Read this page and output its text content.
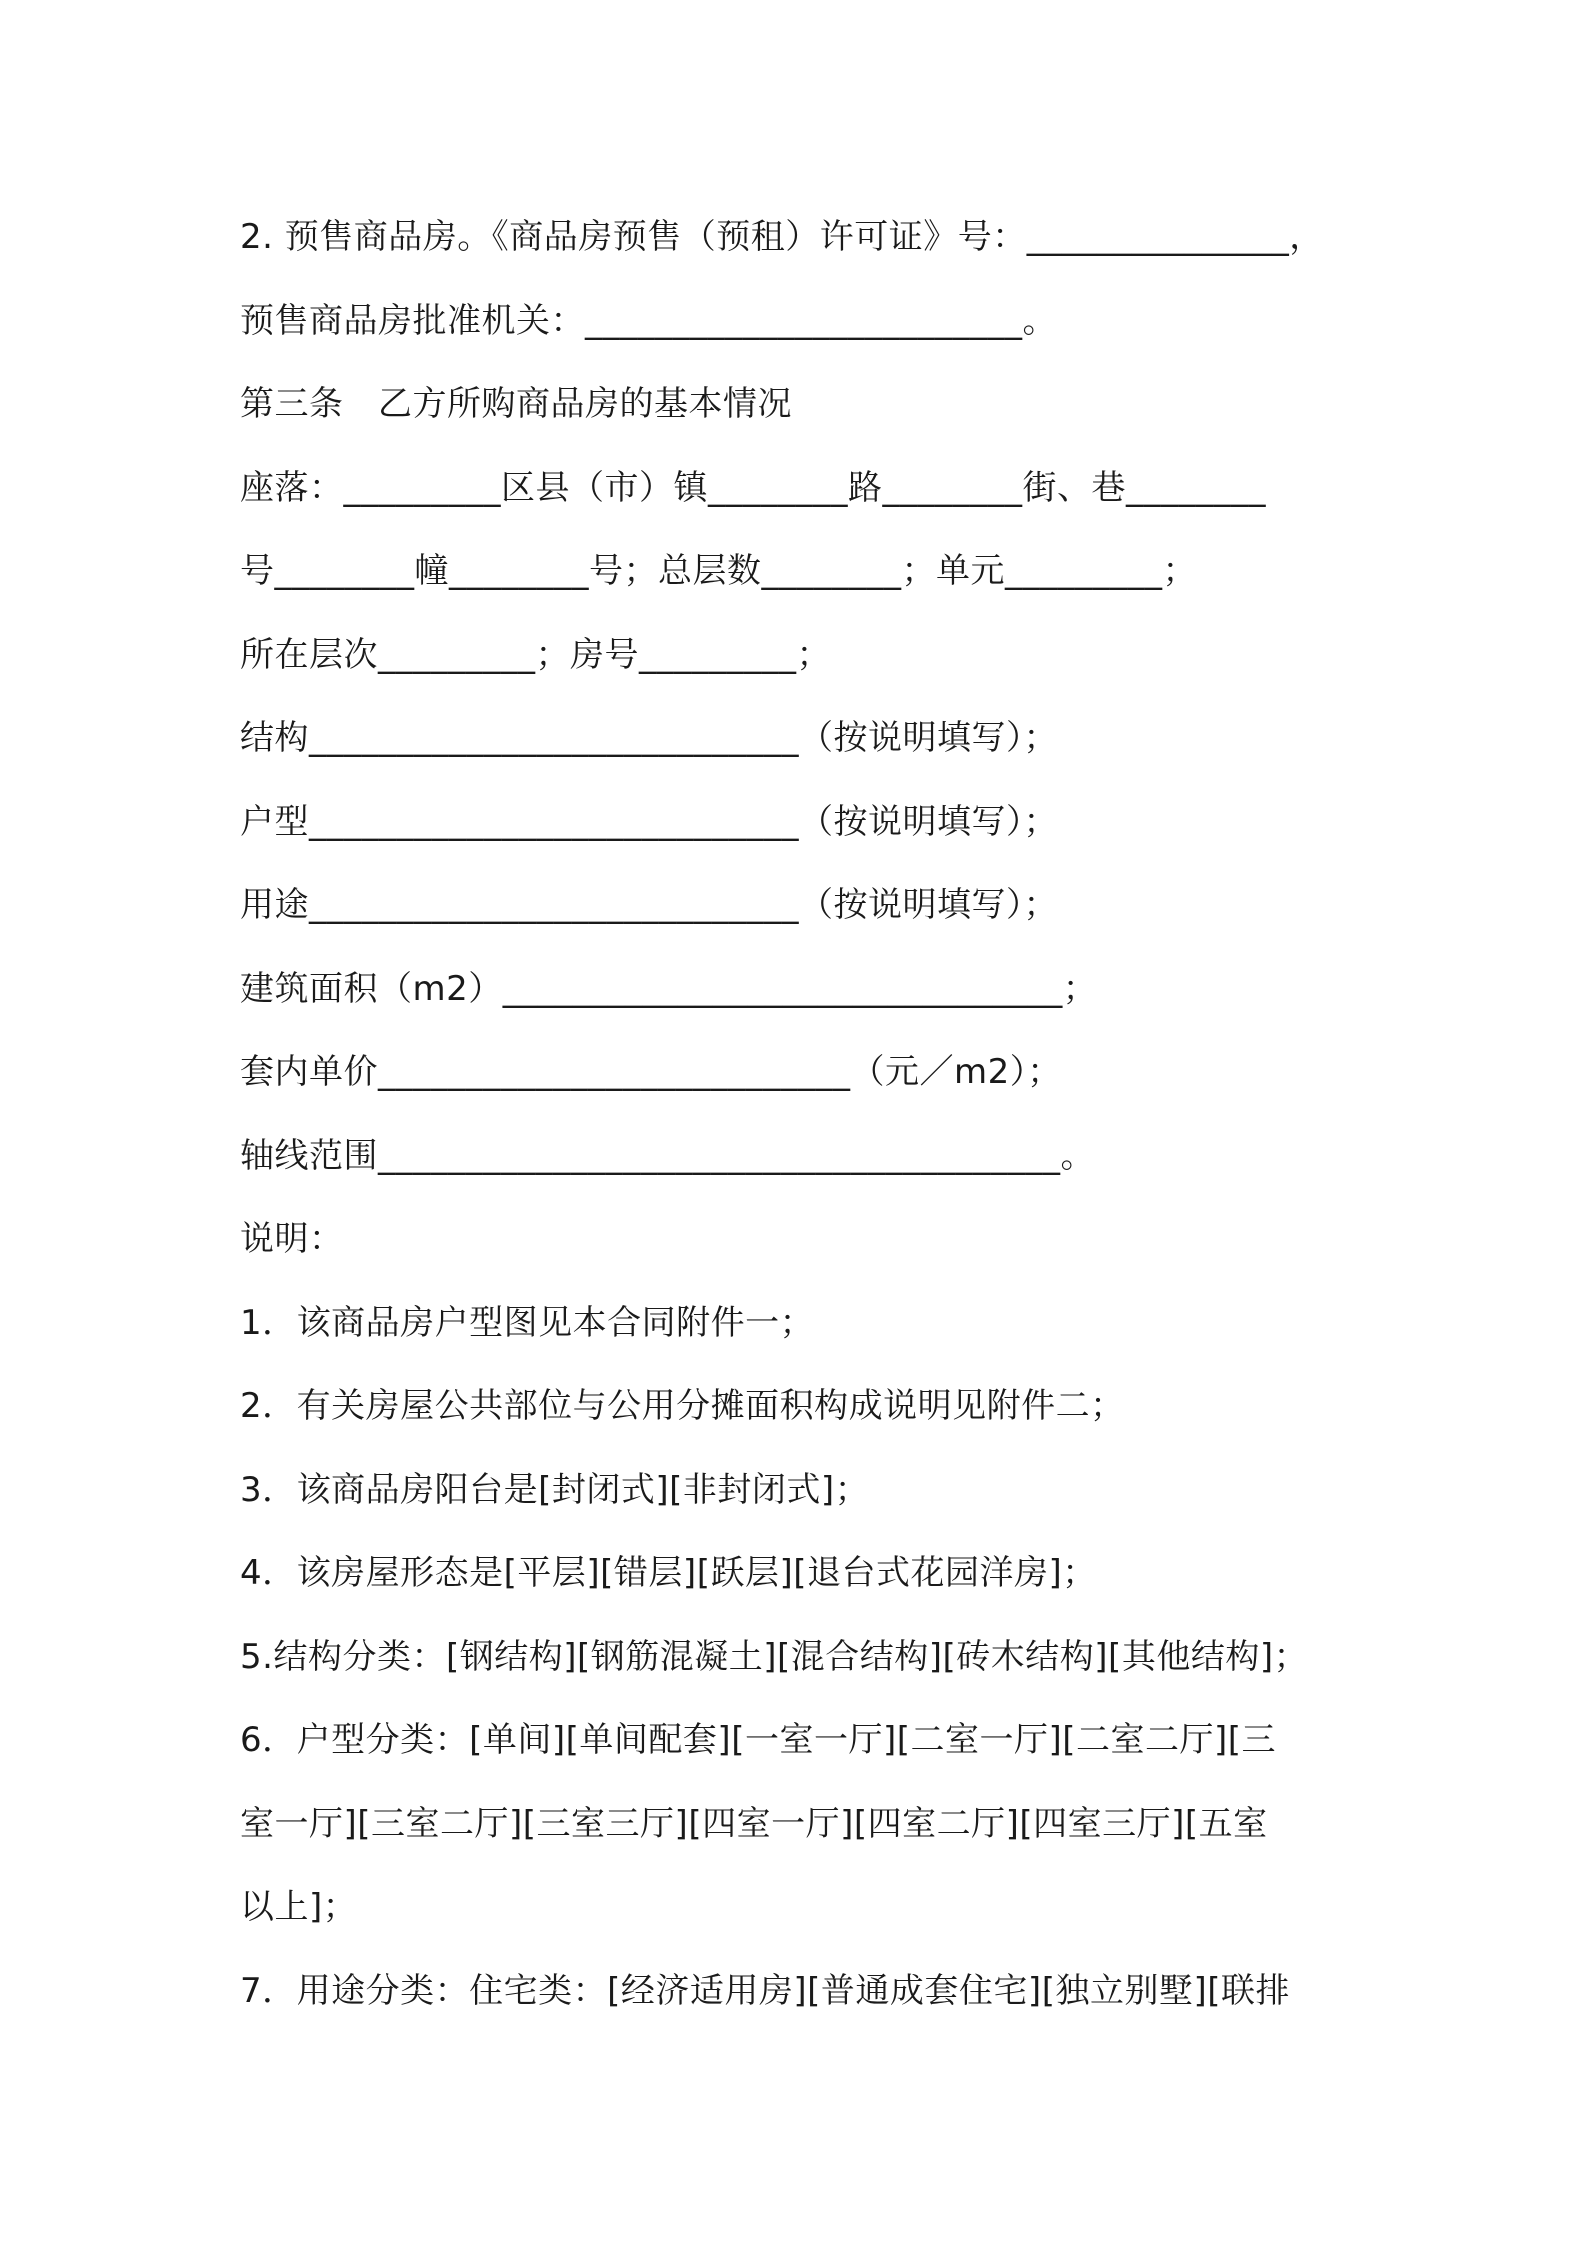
2. 预售商品房。《商品房预售（预租）许可证》号：_______________，
预售商品房批准机关：_________________________。
第三条　乙方所购商品房的基本情况
座落：_________区县（市）镇________路________街、巷________
号________幢________号；总层数________；单元_________；
所在层次_________；房号_________；
结构____________________________（按说明填写）；
户型____________________________（按说明填写）；
用途____________________________（按说明填写）；
建筑面积（m2）________________________________；
套内单价___________________________（元／m2）；
轴线范围_______________________________________。
说明：
1．该商品房户型图见本合同附件一；
2．有关房屋公共部位与公用分摊面积构成说明见附件二；
3．该商品房阳台是[封闭式][非封闭式]；
4．该房屋形态是[平层][错层][跃层][退台式花园洋房]；
5.结构分类：[钢结构][钢筋混凝土][混合结构][砖木结构][其他结构]；
6．户型分类：[单间][单间配套][一室一厅][二室一厅][二室二厅][三
室一厅][三室二厅][三室三厅][四室一厅][四室二厅][四室三厅][五室
以上]；
7．用途分类：住宅类：[经济适用房][普通成套住宅][独立别墅][联排
